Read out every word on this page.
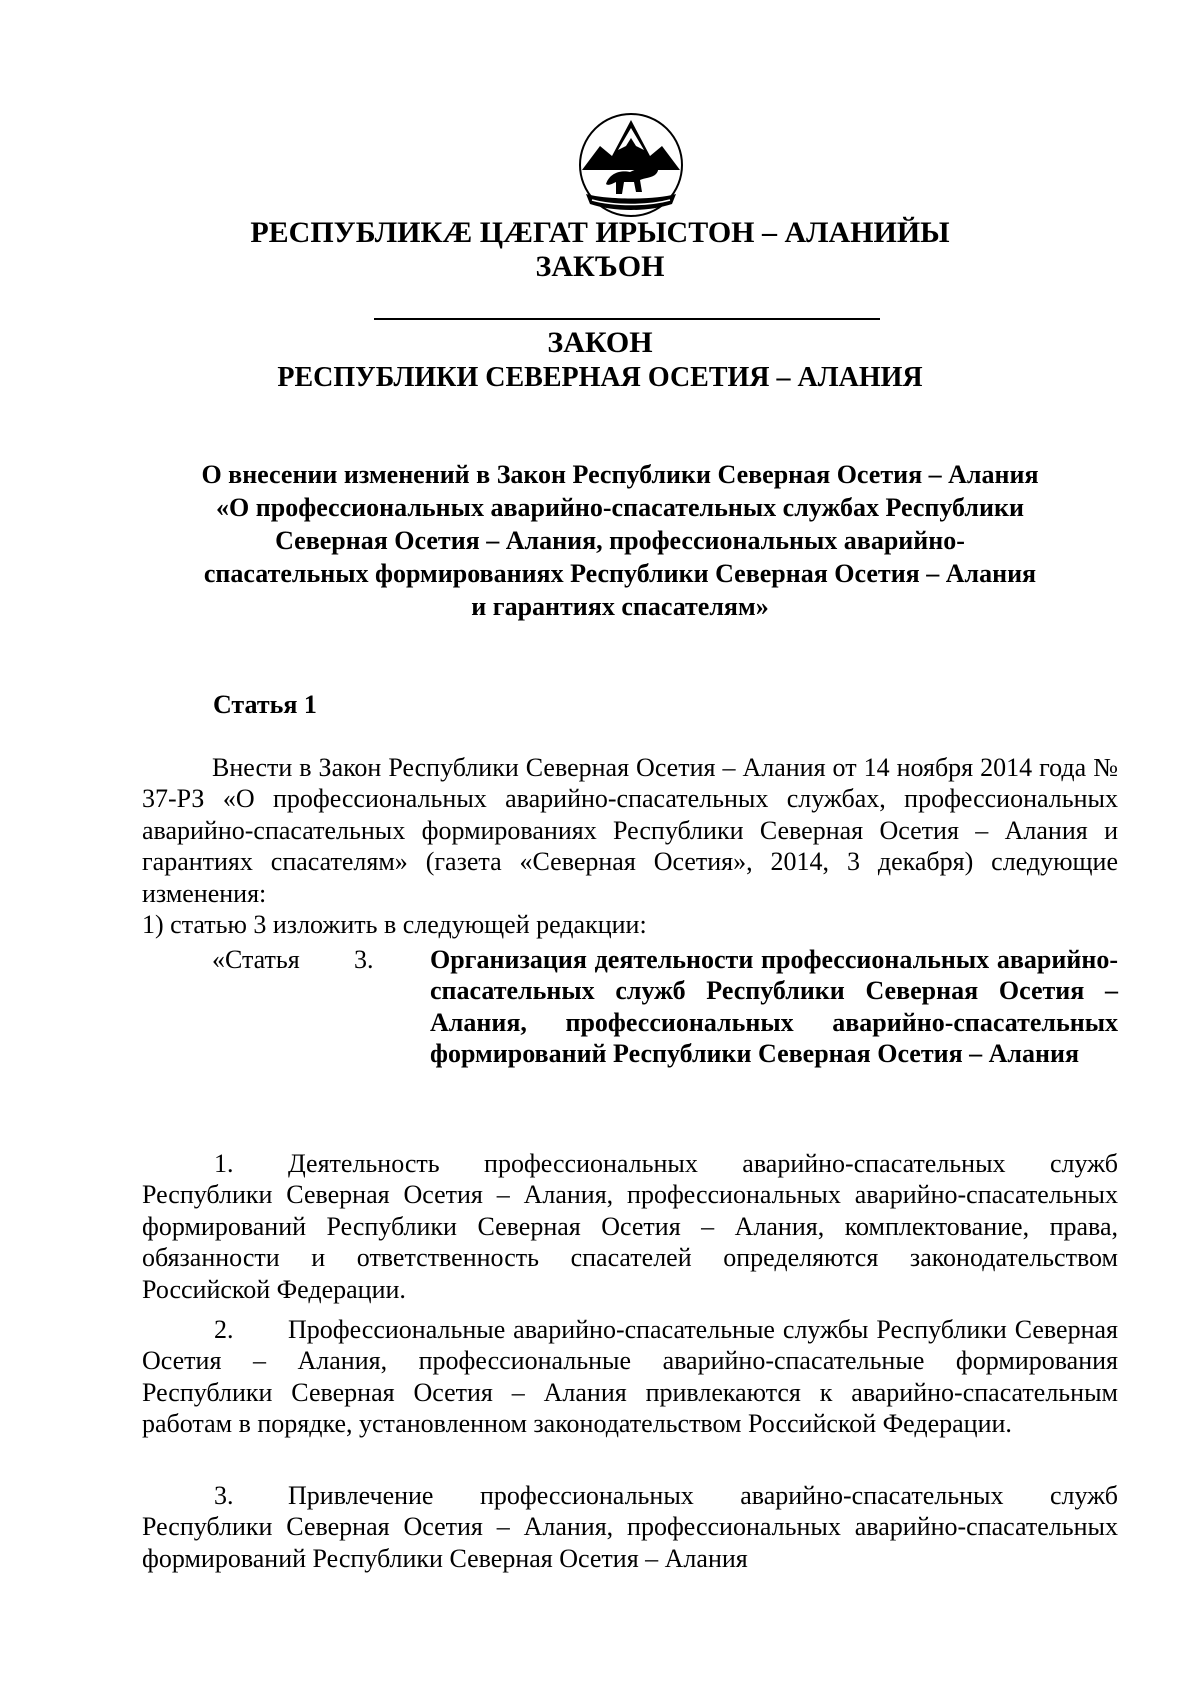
РЕСПУБЛИКÆ ЦÆГАТ ИРЫСТОН – АЛАНИЙЫ
ЗАКЪОН
ЗАКОН
РЕСПУБЛИКИ СЕВЕРНАЯ ОСЕТИЯ – АЛАНИЯ
О внесении изменений в Закон Республики Северная Осетия – Алания «О профессиональных аварийно-спасательных службах Республики Северная Осетия – Алания, профессиональных аварийно-спасательных формированиях Республики Северная Осетия – Алания и гарантиях спасателям»
Статья 1
Внести в Закон Республики Северная Осетия – Алания от 14 ноября 2014 года № 37-РЗ «О профессиональных аварийно-спасательных службах, профессиональных аварийно-спасательных формированиях Республики Северная Осетия – Алания и гарантиях спасателям» (газета «Северная Осетия», 2014, 3 декабря) следующие изменения:
1) статью 3 изложить в следующей редакции:
«Статья 3. Организация деятельности профессиональных аварийно-спасательных служб Республики Северная Осетия – Алания, профессиональных аварийно-спасательных формирований Республики Северная Осетия – Алания
1. Деятельность профессиональных аварийно-спасательных служб Республики Северная Осетия – Алания, профессиональных аварийно-спасательных формирований Республики Северная Осетия – Алания, комплектование, права, обязанности и ответственность спасателей определяются законодательством Российской Федерации.
2. Профессиональные аварийно-спасательные службы Республики Северная Осетия – Алания, профессиональные аварийно-спасательные формирования Республики Северная Осетия – Алания привлекаются к аварийно-спасательным работам в порядке, установленном законодательством Российской Федерации.
3. Привлечение профессиональных аварийно-спасательных служб Республики Северная Осетия – Алания, профессиональных аварийно-спасательных формирований Республики Северная Осетия – Алания
